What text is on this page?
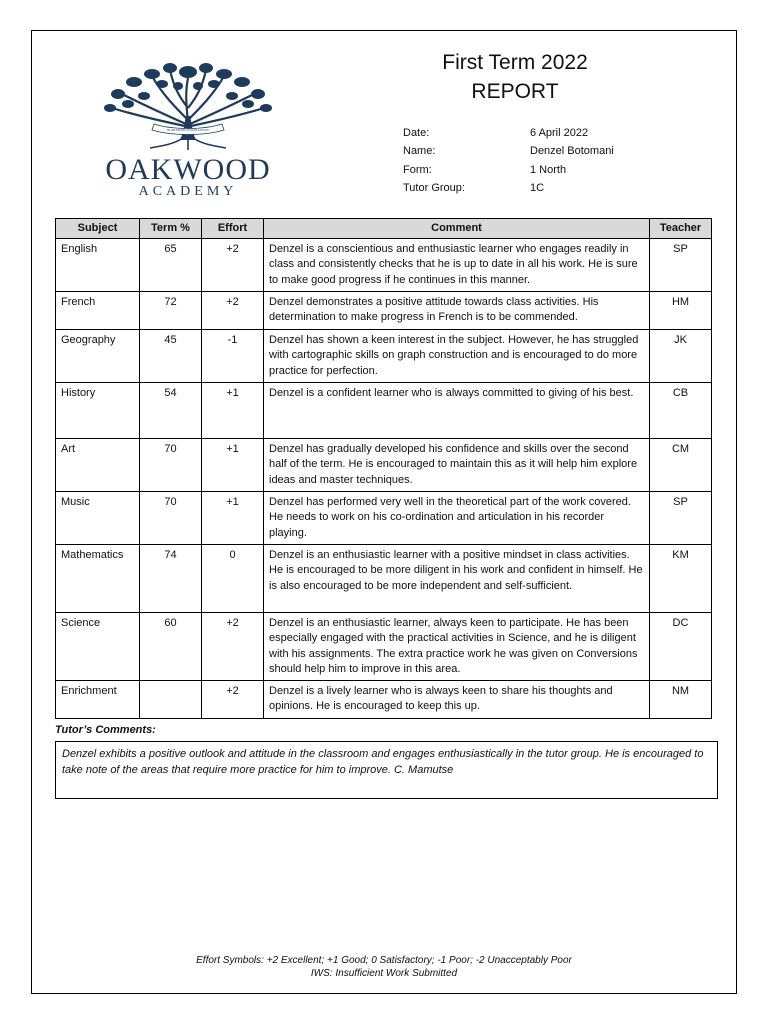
NURTURING EXCELLENCE
OAKWOOD
ACADEMY
First Term 2022
REPORT
Date:	6 April 2022
Name:	Denzel Botomani
Form:	1 North
Tutor Group:	1C
Subject	Term %	Effort	Comment	Teacher
English	65	+2	Denzel is a conscientious and enthusiastic learner who engages readily in class and consistently checks that he is up to date in all his work. He is sure to make good progress if he continues in this manner.	SP
French	72	+2	Denzel demonstrates a positive attitude towards class activities. His determination to make progress in French is to be commended.	HM
Geography	45	-1	Denzel has shown a keen interest in the subject. However, he has struggled with cartographic skills on graph construction and is encouraged to do more practice for perfection.	JK
History	54	+1	Denzel is a confident learner who is always committed to giving of his best.	CB
Art	70	+1	Denzel has gradually developed his confidence and skills over the second half of the term. He is encouraged to maintain this as it will help him explore ideas and master techniques.	CM
Music	70	+1	Denzel has performed very well in the theoretical part of the work covered. He needs to work on his co-ordination and articulation in his recorder playing.	SP
Mathematics	74	0	Denzel is an enthusiastic learner with a positive mindset in class activities. He is encouraged to be more diligent in his work and confident in himself. He is also encouraged to be more independent and self-sufficient.	KM
Science	60	+2	Denzel is an enthusiastic learner, always keen to participate. He has been especially engaged with the practical activities in Science, and he is diligent with his assignments. The extra practice work he was given on Conversions should help him to improve in this area.	DC
Enrichment		+2	Denzel is a lively learner who is always keen to share his thoughts and opinions. He is encouraged to keep this up.	NM
Tutor’s Comments:
Denzel exhibits a positive outlook and attitude in the classroom and engages enthusiastically in the tutor group. He is encouraged to take note of the areas that require more practice for him to improve. C. Mamutse
Effort Symbols: +2 Excellent; +1 Good; 0 Satisfactory; -1 Poor; -2 Unacceptably Poor
IWS: Insufficient Work Submitted
